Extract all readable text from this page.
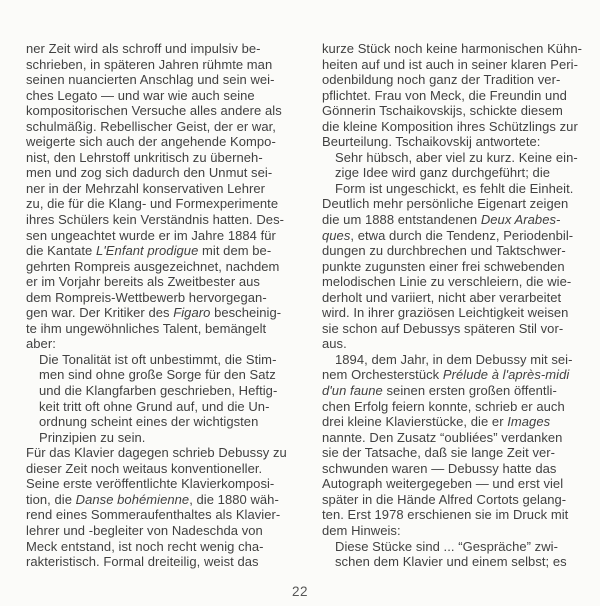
ner Zeit wird als schroff und impulsiv be-
schrieben, in späteren Jahren rühmte man
seinen nuancierten Anschlag und sein wei-
ches Legato — und war wie auch seine
kompositorischen Versuche alles andere als
schulmäßig. Rebellischer Geist, der er war,
weigerte sich auch der angehende Kompo-
nist, den Lehrstoff unkritisch zu überneh-
men und zog sich dadurch den Unmut sei-
ner in der Mehrzahl konservativen Lehrer
zu, die für die Klang- und Formexperimente
ihres Schülers kein Verständnis hatten. Des-
sen ungeachtet wurde er im Jahre 1884 für
die Kantate L'Enfant prodigue mit dem be-
gehrten Rompreis ausgezeichnet, nachdem
er im Vorjahr bereits als Zweitbester aus
dem Rompreis-Wettbewerb hervorgegan-
gen war. Der Kritiker des Figaro bescheinig-
te ihm ungewöhnliches Talent, bemängelt
aber:
Die Tonalität ist oft unbestimmt, die Stim-
men sind ohne große Sorge für den Satz
und die Klangfarben geschrieben, Heftig-
keit tritt oft ohne Grund auf, und die Un-
ordnung scheint eines der wichtigsten
Prinzipien zu sein.
Für das Klavier dagegen schrieb Debussy zu
dieser Zeit noch weitaus konventioneller.
Seine erste veröffentlichte Klavierkomposi-
tion, die Danse bohémienne, die 1880 wäh-
rend eines Sommeraufenthaltes als Klavier-
lehrer und -begleiter von Nadeschda von
Meck entstand, ist noch recht wenig cha-
rakteristisch. Formal dreiteilig, weist das
kurze Stück noch keine harmonischen Kühn-
heiten auf und ist auch in seiner klaren Peri-
odenbildung noch ganz der Tradition ver-
pflichtet. Frau von Meck, die Freundin und
Gönnerin Tschaikovskijs, schickte diesem
die kleine Komposition ihres Schützlings zur
Beurteilung. Tschaikovskij antwortete:
Sehr hübsch, aber viel zu kurz. Keine ein-
zige Idee wird ganz durchgeführt; die
Form ist ungeschickt, es fehlt die Einheit.
Deutlich mehr persönliche Eigenart zeigen
die um 1888 entstandenen Deux Arabes-
ques, etwa durch die Tendenz, Periodenbil-
dungen zu durchbrechen und Taktschwer-
punkte zugunsten einer frei schwebenden
melodischen Linie zu verschleiern, die wie-
derholt und variiert, nicht aber verarbeitet
wird. In ihrer graziösen Leichtigkeit weisen
sie schon auf Debussys späteren Stil vor-
aus.
1894, dem Jahr, in dem Debussy mit sei-
nem Orchesterstück Prélude à l'après-midi
d'un faune seinen ersten großen öffentli-
chen Erfolg feiern konnte, schrieb er auch
drei kleine Klavierstücke, die er Images
nannte. Den Zusatz “oubliées” verdanken
sie der Tatsache, daß sie lange Zeit ver-
schwunden waren — Debussy hatte das
Autograph weitergegeben — und erst viel
später in die Hände Alfred Cortots gelang-
ten. Erst 1978 erschienen sie im Druck mit
dem Hinweis:
Diese Stücke sind ... “Gespräche” zwi-
schen dem Klavier und einem selbst; es
22
